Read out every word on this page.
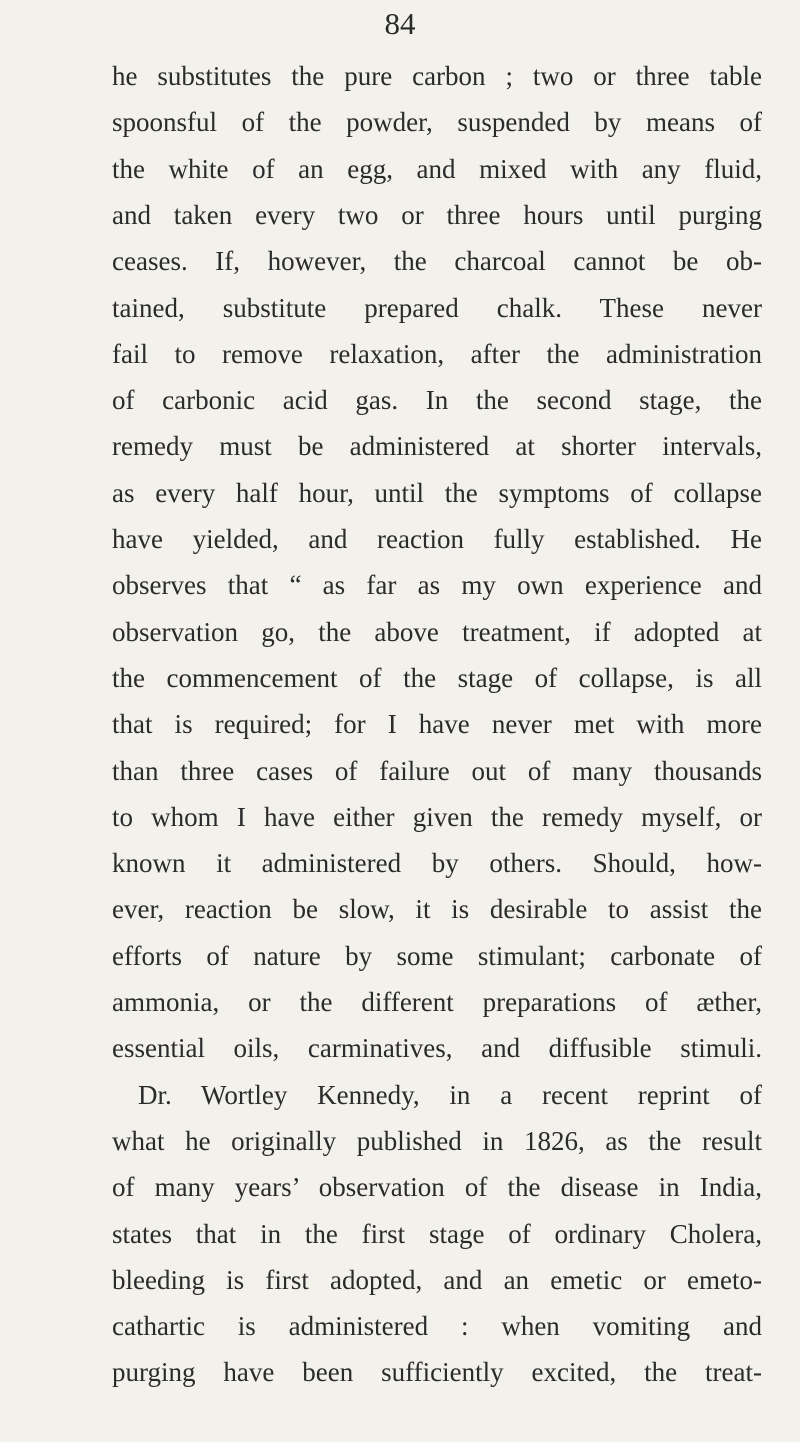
84
he substitutes the pure carbon ; two or three table
spoonsful of the powder, suspended by means of
the white of an egg, and mixed with any fluid,
and taken every two or three hours until purging
ceases. If, however, the charcoal cannot be ob-
tained, substitute prepared chalk. These never
fail to remove relaxation, after the administration
of carbonic acid gas. In the second stage, the
remedy must be administered at shorter intervals,
as every half hour, until the symptoms of collapse
have yielded, and reaction fully established. He
observes that “ as far as my own experience and
observation go, the above treatment, if adopted at
the commencement of the stage of collapse, is all
that is required; for I have never met with more
than three cases of failure out of many thousands
to whom I have either given the remedy myself, or
known it administered by others. Should, how-
ever, reaction be slow, it is desirable to assist the
efforts of nature by some stimulant; carbonate of
ammonia, or the different preparations of æther,
essential oils, carminatives, and diffusible stimuli.
Dr. Wortley Kennedy, in a recent reprint of
what he originally published in 1826, as the result
of many years’ observation of the disease in India,
states that in the first stage of ordinary Cholera,
bleeding is first adopted, and an emetic or emeto-
cathartic is administered : when vomiting and
purging have been sufficiently excited, the treat-
